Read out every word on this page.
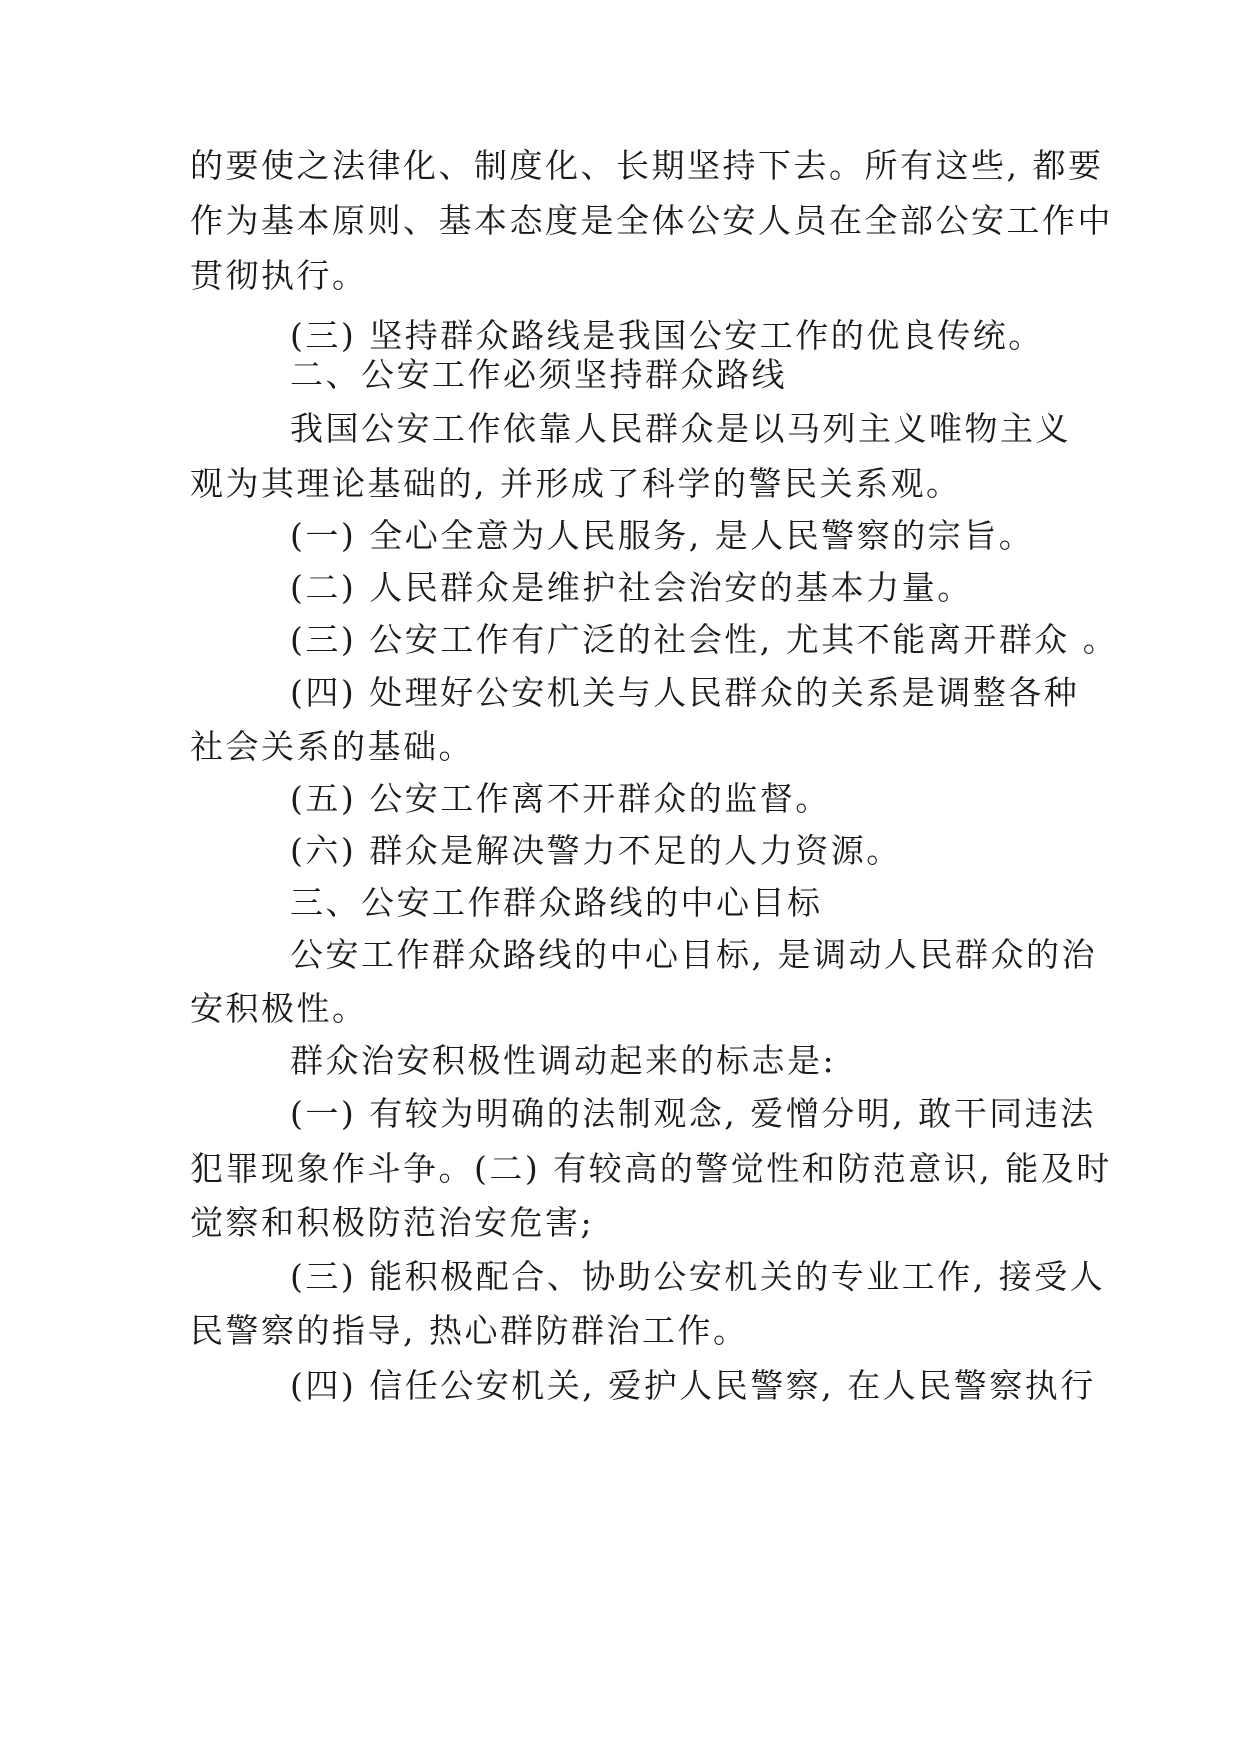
的要使之法律化、制度化、长期坚持下去。所有这些, 都要
作为基本原则、基本态度是全体公安人员在全部公安工作中
贯彻执行。
(三) 坚持群众路线是我国公安工作的优良传统。
二、公安工作必须坚持群众路线
我国公安工作依靠人民群众是以马列主义唯物主义
观为其理论基础的, 并形成了科学的警民关系观。
(一) 全心全意为人民服务, 是人民警察的宗旨。
(二) 人民群众是维护社会治安的基本力量。
(三) 公安工作有广泛的社会性, 尤其不能离开群众 。
(四) 处理好公安机关与人民群众的关系是调整各种
社会关系的基础。
(五) 公安工作离不开群众的监督。
(六) 群众是解决警力不足的人力资源。
三、公安工作群众路线的中心目标
公安工作群众路线的中心目标, 是调动人民群众的治
安积极性。
群众治安积极性调动起来的标志是:
(一) 有较为明确的法制观念, 爱憎分明, 敢干同违法
犯罪现象作斗争。(二) 有较高的警觉性和防范意识, 能及时
觉察和积极防范治安危害;
(三) 能积极配合、协助公安机关的专业工作, 接受人
民警察的指导, 热心群防群治工作。
(四) 信任公安机关, 爱护人民警察, 在人民警察执行
